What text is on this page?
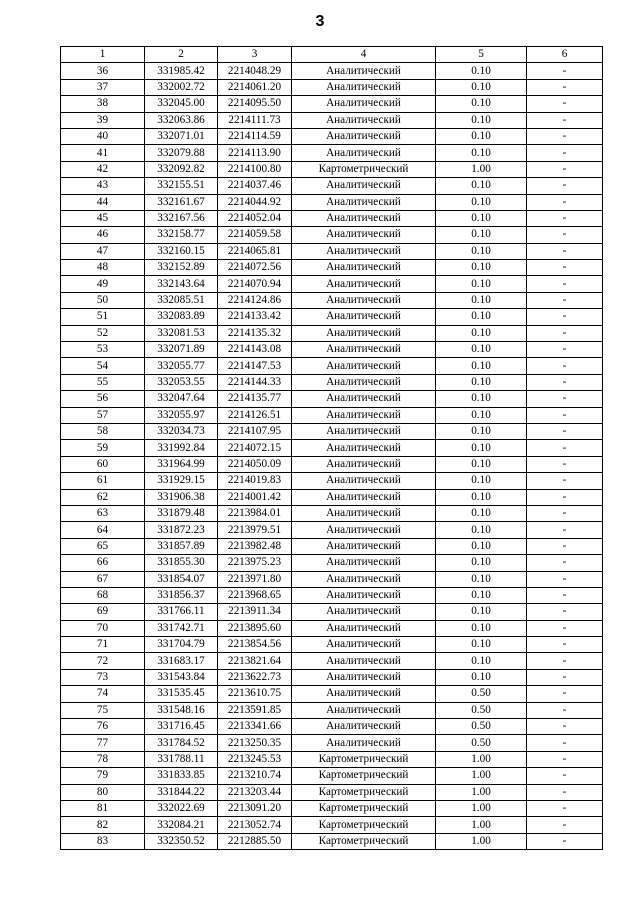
3
1	2	3	4	5	6
36	331985.42	2214048.29	Аналитический	0.10	-
37	332002.72	2214061.20	Аналитический	0.10	-
38	332045.00	2214095.50	Аналитический	0.10	-
39	332063.86	2214111.73	Аналитический	0.10	-
40	332071.01	2214114.59	Аналитический	0.10	-
41	332079.88	2214113.90	Аналитический	0.10	-
42	332092.82	2214100.80	Картометрический	1.00	-
43	332155.51	2214037.46	Аналитический	0.10	-
44	332161.67	2214044.92	Аналитический	0.10	-
45	332167.56	2214052.04	Аналитический	0.10	-
46	332158.77	2214059.58	Аналитический	0.10	-
47	332160.15	2214065.81	Аналитический	0.10	-
48	332152.89	2214072.56	Аналитический	0.10	-
49	332143.64	2214070.94	Аналитический	0.10	-
50	332085.51	2214124.86	Аналитический	0.10	-
51	332083.89	2214133.42	Аналитический	0.10	-
52	332081.53	2214135.32	Аналитический	0.10	-
53	332071.89	2214143.08	Аналитический	0.10	-
54	332055.77	2214147.53	Аналитический	0.10	-
55	332053.55	2214144.33	Аналитический	0.10	-
56	332047.64	2214135.77	Аналитический	0.10	-
57	332055.97	2214126.51	Аналитический	0.10	-
58	332034.73	2214107.95	Аналитический	0.10	-
59	331992.84	2214072.15	Аналитический	0.10	-
60	331964.99	2214050.09	Аналитический	0.10	-
61	331929.15	2214019.83	Аналитический	0.10	-
62	331906.38	2214001.42	Аналитический	0.10	-
63	331879.48	2213984.01	Аналитический	0.10	-
64	331872.23	2213979.51	Аналитический	0.10	-
65	331857.89	2213982.48	Аналитический	0.10	-
66	331855.30	2213975.23	Аналитический	0.10	-
67	331854.07	2213971.80	Аналитический	0.10	-
68	331856.37	2213968.65	Аналитический	0.10	-
69	331766.11	2213911.34	Аналитический	0.10	-
70	331742.71	2213895.60	Аналитический	0.10	-
71	331704.79	2213854.56	Аналитический	0.10	-
72	331683.17	2213821.64	Аналитический	0.10	-
73	331543.84	2213622.73	Аналитический	0.10	-
74	331535.45	2213610.75	Аналитический	0.50	-
75	331548.16	2213591.85	Аналитический	0.50	-
76	331716.45	2213341.66	Аналитический	0.50	-
77	331784.52	2213250.35	Аналитический	0.50	-
78	331788.11	2213245.53	Картометрический	1.00	-
79	331833.85	2213210.74	Картометрический	1.00	-
80	331844.22	2213203.44	Картометрический	1.00	-
81	332022.69	2213091.20	Картометрический	1.00	-
82	332084.21	2213052.74	Картометрический	1.00	-
83	332350.52	2212885.50	Картометрический	1.00	-
